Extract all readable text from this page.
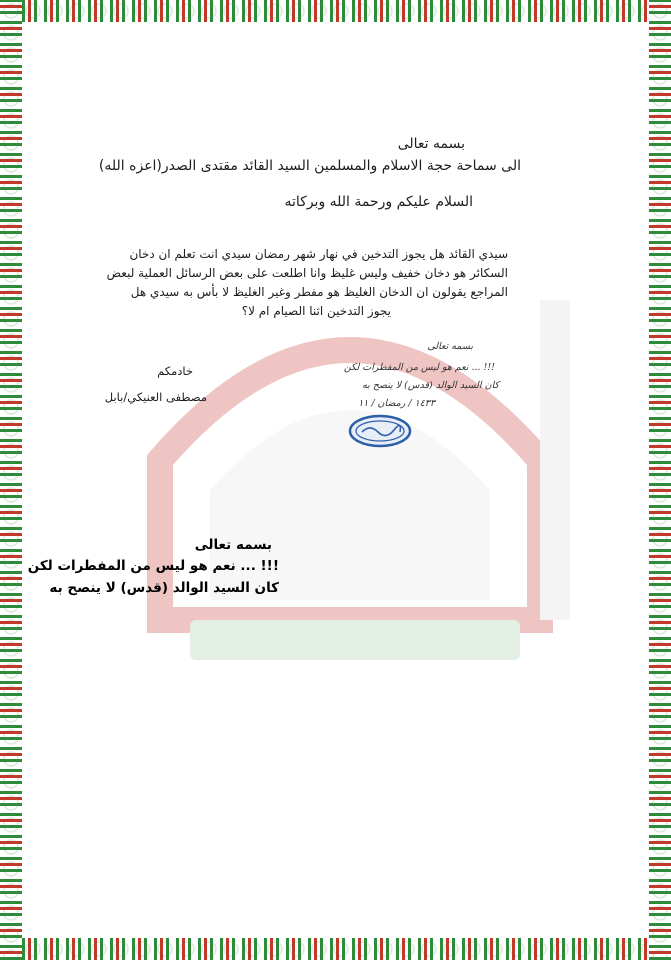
بسمه تعالى
الى سماحة حجة الاسلام والمسلمين السيد القائد مقتدى الصدر(اعزه الله)
السلام عليكم ورحمة الله وبركاته
سيدي القائد هل يجوز التدخين في نهار شهر رمضان سيدي انت تعلم ان دخان
السكائر هو دخان خفيف وليس غليظ وانا اطلعت على بعض الرسائل العملية لبعض
المراجع يقولون ان الدخان الغليظ هو مفطر وغير الغليظ لا بأس به سيدي هل
يجوز التدخين اثنا الصيام ام لا؟
خادمكم
مصطفى العنيكي/بابل
بسمه تعالى
!!! ... نعم هو ليس من المفطرات لكن
كان السيد الوالد (قدس) لا ينصح به
١٤٣٣ / رمضان / ١١
بسمه تعالى
!!! ... نعم هو ليس من المفطرات لكن
كان السيد الوالد (قدس) لا ينصح به
